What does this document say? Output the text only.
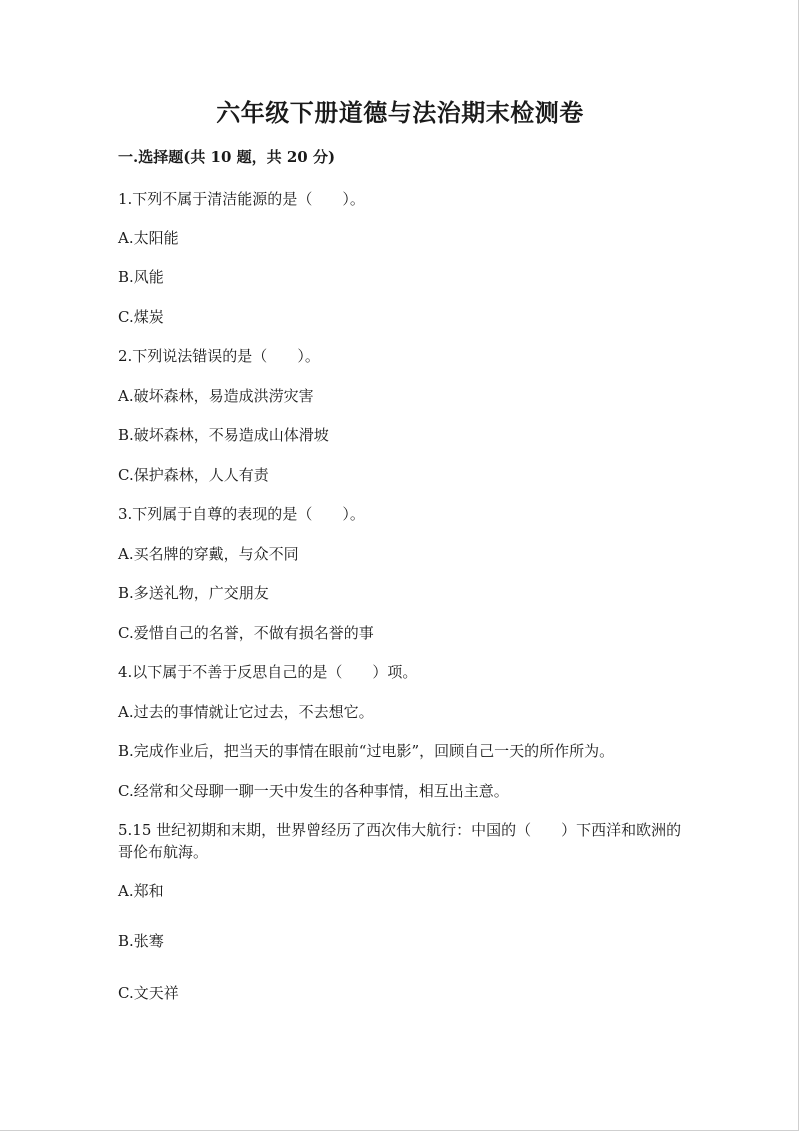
六年级下册道德与法治期末检测卷
一.选择题(共 10 题，共 20 分)
1.下列不属于清洁能源的是（　　）。
A.太阳能
B.风能
C.煤炭
2.下列说法错误的是（　　）。
A.破坏森林，易造成洪涝灾害
B.破坏森林，不易造成山体滑坡
C.保护森林，人人有责
3.下列属于自尊的表现的是（　　）。
A.买名牌的穿戴，与众不同
B.多送礼物，广交朋友
C.爱惜自己的名誉，不做有损名誉的事
4.以下属于不善于反思自己的是（　　）项。
A.过去的事情就让它过去，不去想它。
B.完成作业后，把当天的事情在眼前“过电影”，回顾自己一天的所作所为。
C.经常和父母聊一聊一天中发生的各种事情，相互出主意。
5.15 世纪初期和末期，世界曾经历了西次伟大航行：中国的（　　）下西洋和欧洲的哥伦布航海。
A.郑和
B.张骞
C.文天祥
